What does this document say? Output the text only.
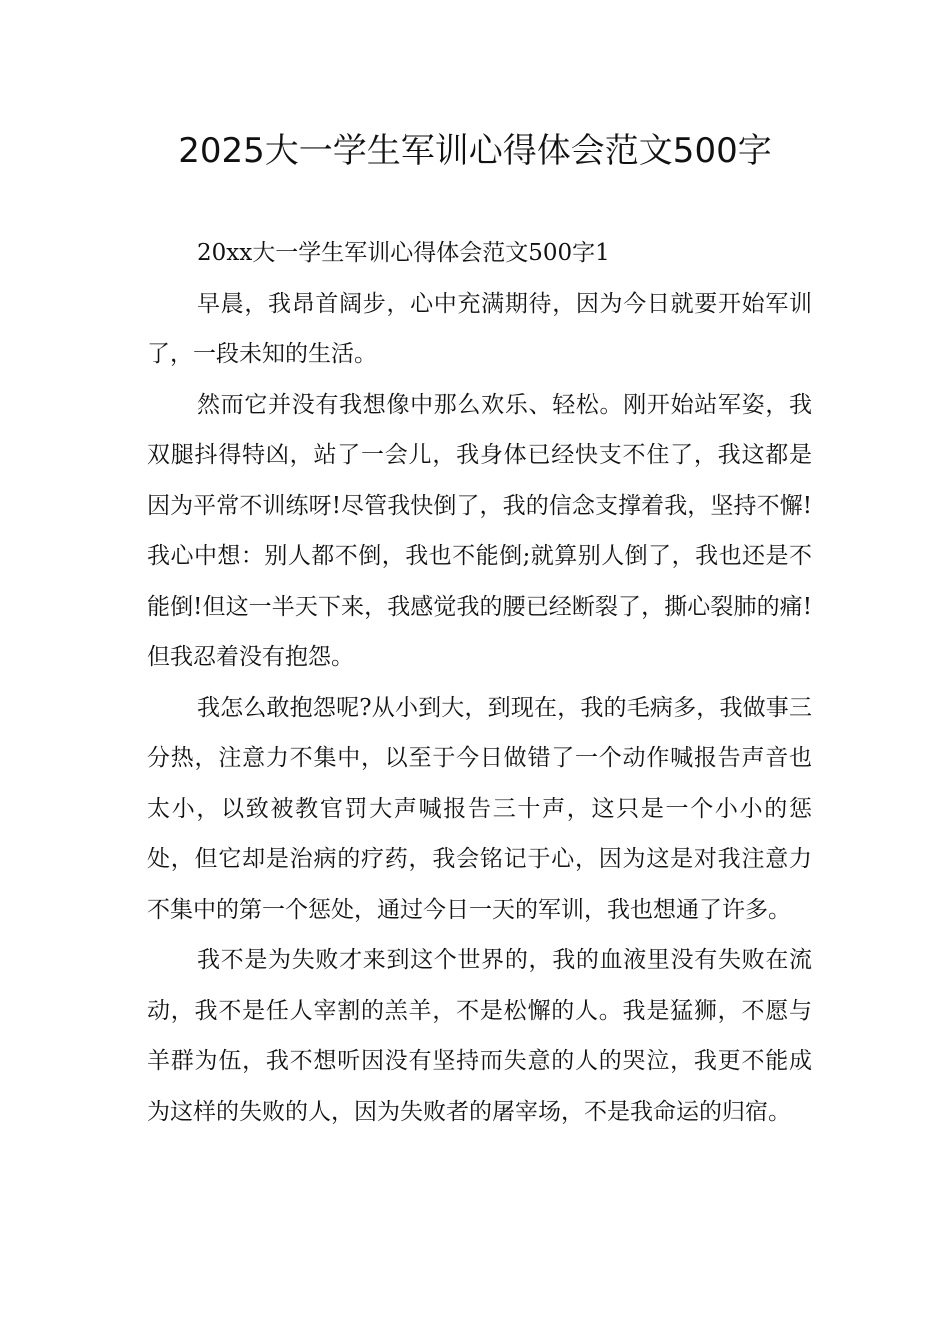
2025大一学生军训心得体会范文500字

20xx大一学生军训心得体会范文500字1

早晨，我昂首阔步，心中充满期待，因为今日就要开始军训了，一段未知的生活。

然而它并没有我想像中那么欢乐、轻松。刚开始站军姿，我双腿抖得特凶，站了一会儿，我身体已经快支不住了，我这都是因为平常不训练呀!尽管我快倒了，我的信念支撑着我，坚持不懈!我心中想：别人都不倒，我也不能倒;就算别人倒了，我也还是不能倒!但这一半天下来，我感觉我的腰已经断裂了，撕心裂肺的痛!但我忍着没有抱怨。

我怎么敢抱怨呢?从小到大，到现在，我的毛病多，我做事三分热，注意力不集中，以至于今日做错了一个动作喊报告声音也太小，以致被教官罚大声喊报告三十声，这只是一个小小的惩处，但它却是治病的疗药，我会铭记于心，因为这是对我注意力不集中的第一个惩处，通过今日一天的军训，我也想通了许多。

我不是为失败才来到这个世界的，我的血液里没有失败在流动，我不是任人宰割的羔羊，不是松懈的人。我是猛狮，不愿与羊群为伍，我不想听因没有坚持而失意的人的哭泣，我更不能成为这样的失败的人，因为失败者的屠宰场，不是我命运的归宿。
